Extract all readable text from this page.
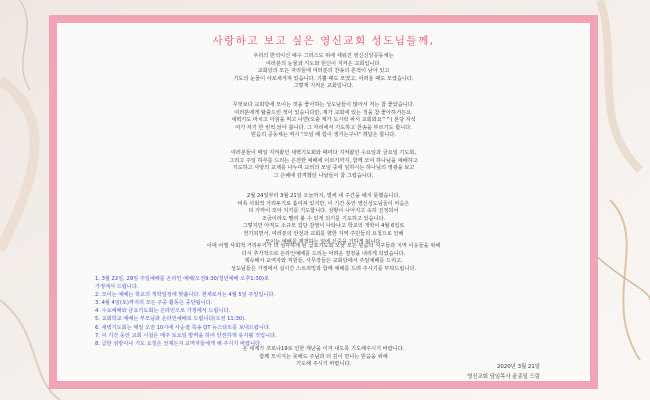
사랑하고 보고 싶은 영신교회 성도님들께,
우리의 반석이신 예수 그리스도 위에 세워진 영신신앙공동체는
여러분의 눈물과 기도와 헌신이 지켜온 교회입니다.
교회당의 모든 자리들에 여러분의 찬송의 흔적이 남아 있고
기도의 눈물이 아로새겨져 있습니다. 기쁠 때도 모였고, 어려울 때도 모였습니다.
그렇게 지켜온 교회입니다.
무엇보다 교회당에 모이는 것을 좋아하는 성도님들이 많아서 저는 참 좋았습니다.
여러분에게 탈출드린 적이 있습니다만, 제가 교회에 있는 것을 참 좋아하거든요.
새벽기도 마치고 아침을 먹고 나면(오출 제가 도시락 싸서 교회와요^^) 본당 자석
여기 저기 한 번씩 앉아 봅니다. 그 자리에서 기도하고 찬송을 부르기도 합니다.
믿음의 공동체는 역시 "모임 때 힘이 생기는구나" 깨달은 합니다.
여러분들이 매일 지켜왔던 새벽기도회와 때마다 지켜왔던 수요일과 금요일 기도회,
그리고 주일 하루를 드리는 온전한 예배에 이르기까지, 함께 모여 하나님을 예배하고
기도하고 사랑의 교제를 나누며 교리의 모임 중에 임하시는 하나님의 영광을 보고
그 은혜에 감격했던 나날들이 참 그립습니다.
2월 24일부터 3월 21일 오늘까지, 벌써 네 주간을 헤지 못했습니다.
비록 사회적 거리두기로 흩어져 있지만, 이 기간 동안 영신성도님들이 마음은
더 가까이 모아 지키를 기도합니다. 상황이 나아지고 속히 진정되어
조금이라도 빨리 볼 수 있게 되기를 기도하고 있습니다.
그렇지만 아직도 소규모 집단 감염이 나타나고 학교의 개학이 4월 6일로
연기되면서, 여러분의 안전과 교회를 향한 지역 주민들의 요청으로 인해
모이는 예배를 재개하는 일에 신중을 기하게 됩니다.
이에 어쩔 사회적 거리두기가 더 심각하게 된 급요기도회 오늘 모든 믿음의 식구들과 지역 이웃들을 위해
다시 추가적으로 온라인예배를 드리는 어려운 결정을 내리게 되었습니다.
계속해서 교역자와 직원들, 사무장들은 교회당에서 주일예배를 드리고,
성도님들은 가정에서 실시간 스트리밍과 함께 예배를 드려 주시기를 부탁드립니다.
1. 3월 22일, 29일 주일예배를 온라인 예배(오전9:30/청년예배 오후1:30)로
가정에서 드립니다.
2. 모이는 예배는 학교의 개학일정에 맞춥니다. 현재로서는 4월 5일 주일입니다.
3. 4월 4일(토)까지의 모든 주중 활동은 중단됩니다.
4. 수요예배와 금요기도회는 온라인으로 가정에서 드립니다.
5. 교회학교 예배는 부모님과 온라인예배로 드립니다(오전 11:30).
6. 새벽기도회는 매일 오전 10시에 사순절 특송 QT 뉴스타트를 보내드립니다.
7. 이 기간 동안 교회 시설은 매주 토요일 방역을 하여 안전하게 유지될 것입니다.
8. 급한 심방이나 기도 요청은 언제든지 교역자들에게 해 주시기 바랍니다.
온 세계가 코로나19로 인한 재난을 이겨 내도록 기도해주시기 바랍니다.
함께 모이지는 못해도 주님과 더 깊이 만나는 믿음을 위해
기도해 주시기 바랍니다.	2020년 3월 21일
영신교회 담임목사 윤종일 드림
